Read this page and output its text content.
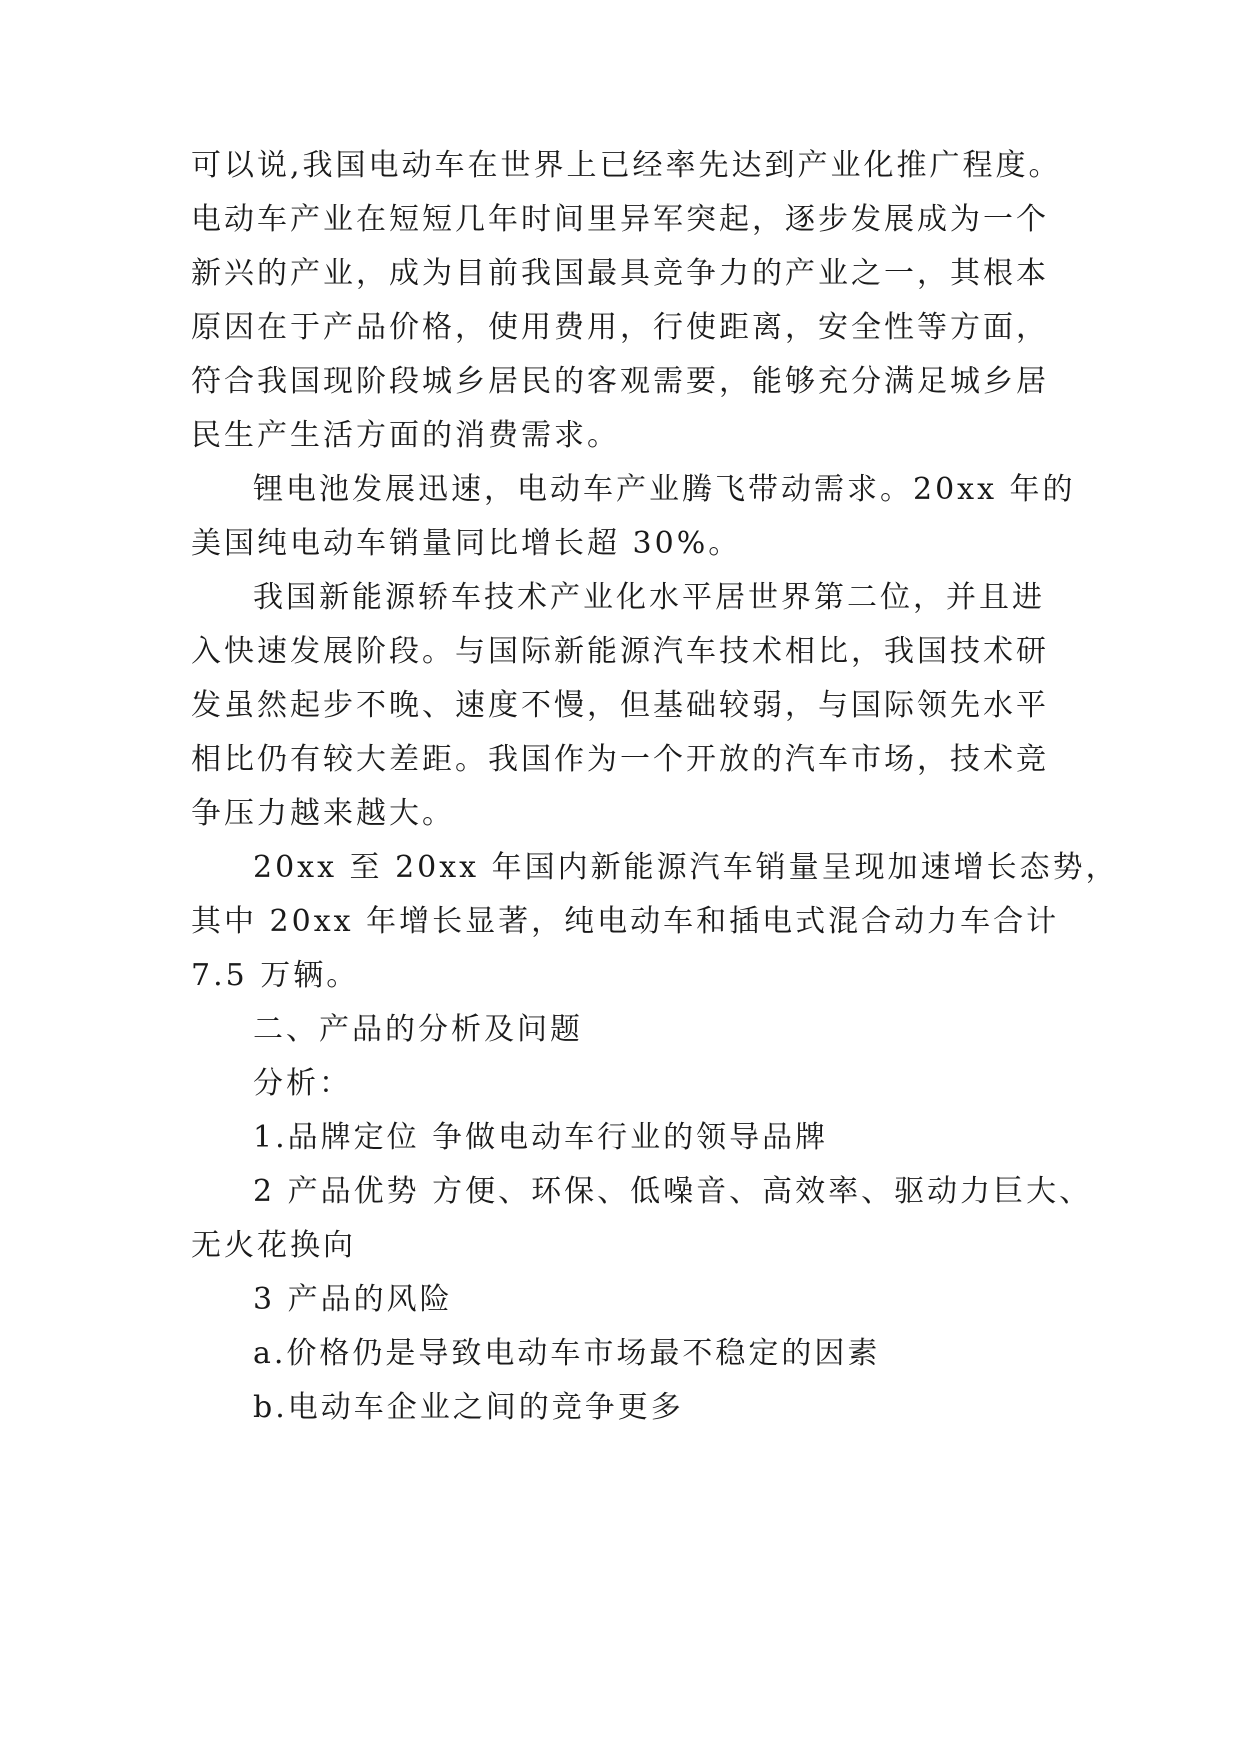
可以说,我国电动车在世界上已经率先达到产业化推广程度。
电动车产业在短短几年时间里异军突起，逐步发展成为一个
新兴的产业，成为目前我国最具竞争力的产业之一，其根本
原因在于产品价格，使用费用，行使距离，安全性等方面，
符合我国现阶段城乡居民的客观需要，能够充分满足城乡居
民生产生活方面的消费需求。
锂电池发展迅速，电动车产业腾飞带动需求。20xx 年的
美国纯电动车销量同比增长超 30%。
我国新能源轿车技术产业化水平居世界第二位，并且进
入快速发展阶段。与国际新能源汽车技术相比，我国技术研
发虽然起步不晚、速度不慢，但基础较弱，与国际领先水平
相比仍有较大差距。我国作为一个开放的汽车市场，技术竞
争压力越来越大。
20xx 至 20xx 年国内新能源汽车销量呈现加速增长态势，
其中 20xx 年增长显著，纯电动车和插电式混合动力车合计
7.5 万辆。
二、产品的分析及问题
分析：
1.品牌定位 争做电动车行业的领导品牌
2 产品优势 方便、环保、低噪音、高效率、驱动力巨大、
无火花换向
3 产品的风险
a.价格仍是导致电动车市场最不稳定的因素
b.电动车企业之间的竞争更多
